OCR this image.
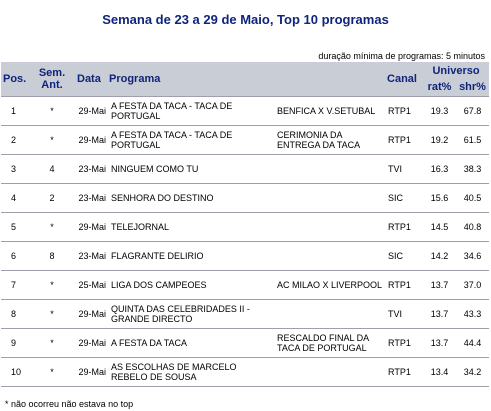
Semana de 23 a 29 de Maio, Top 10 programas
duração mínima de programas: 5 minutos
Pos.	Sem.
Ant.	Data	Programa		Canal	Universo	
						rat%	shr%
1	*	29-Mai	A FESTA DA TACA - TACA DE PORTUGAL	BENFICA X V.SETUBAL	RTP1	19.3	67.8
2	*	29-Mai	A FESTA DA TACA - TACA DE PORTUGAL	CERIMONIA DA ENTREGA DA TACA	RTP1	19.2	61.5
3	4	23-Mai	NINGUEM COMO TU		TVI	16.3	38.3
4	2	23-Mai	SENHORA DO DESTINO		SIC	15.6	40.5
5	*	29-Mai	TELEJORNAL		RTP1	14.5	40.8
6	8	23-Mai	FLAGRANTE DELIRIO		SIC	14.2	34.6
7	*	25-Mai	LIGA DOS CAMPEOES	AC MILAO X LIVERPOOL	RTP1	13.7	37.0
8	*	29-Mai	QUINTA DAS CELEBRIDADES II - GRANDE DIRECTO		TVI	13.7	43.3
9	*	29-Mai	A FESTA DA TACA	RESCALDO FINAL DA TACA DE PORTUGAL	RTP1	13.7	44.4
10	*	29-Mai	AS ESCOLHAS DE MARCELO REBELO DE SOUSA		RTP1	13.4	34.2
* não ocorreu não estava no top
